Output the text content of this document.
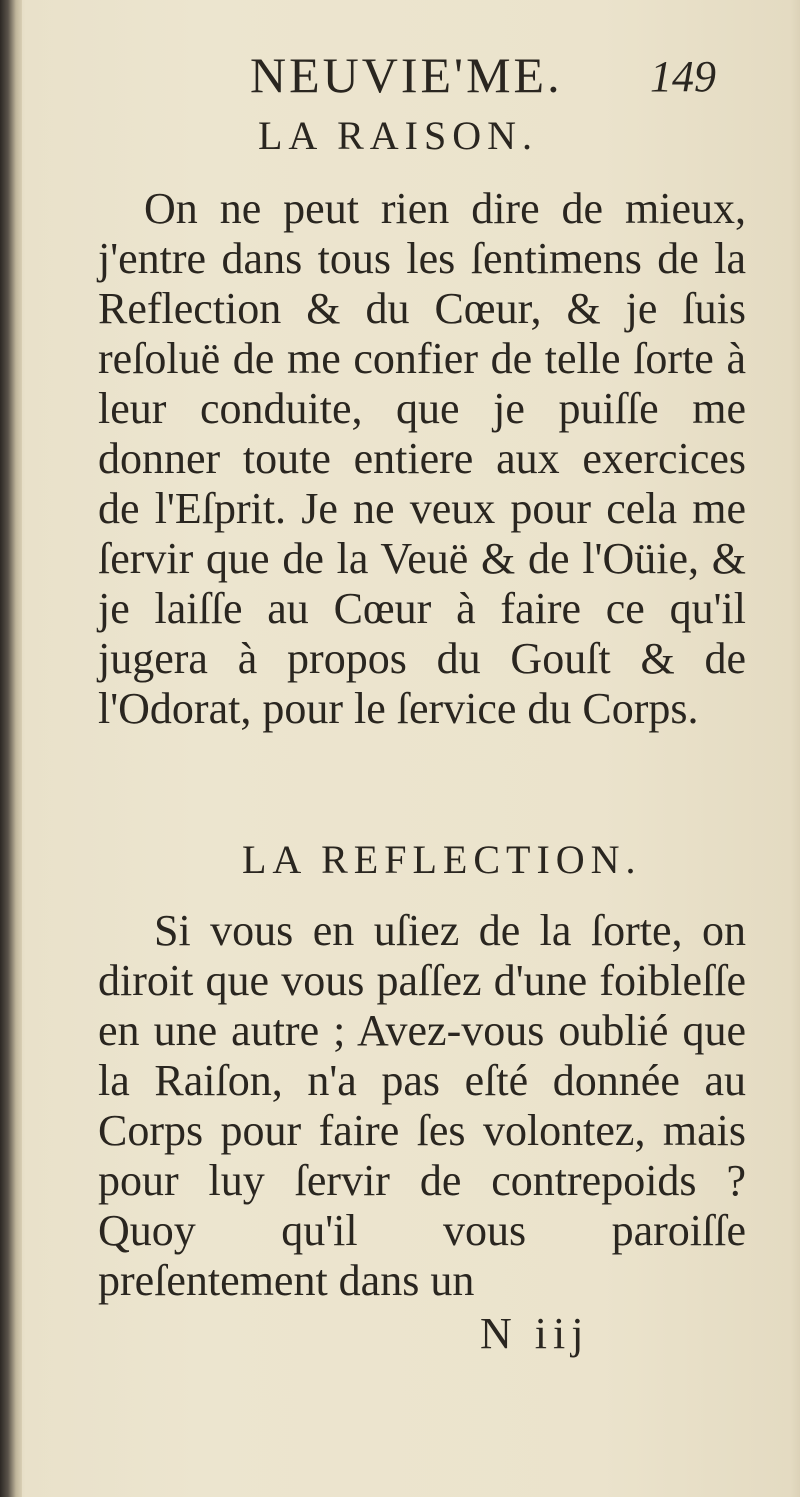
NEUVIE'ME. 149
LA RAISON.
On ne peut rien dire de mieux, j'entre dans tous les ſentimens de la Reflection & du Cœur, & je ſuis reſoluë de me confier de telle ſorte à leur conduite, que je puiſſe me donner toute entiere aux exercices de l'Eſprit. Je ne veux pour cela me ſervir que de la Veuë & de l'Oüie, & je laiſſe au Cœur à faire ce qu'il jugera à propos du Gouſt & de l'Odorat, pour le ſervice du Corps.
LA REFLECTION.
Si vous en uſiez de la ſorte, on diroit que vous paſſez d'une foibleſſe en une autre ; Avez-vous oublié que la Raiſon, n'a pas eſté donnée au Corps pour faire ſes volontez, mais pour luy ſervir de contrepoids ? Quoy qu'il vous paroiſſe preſentement dans un
N iij
